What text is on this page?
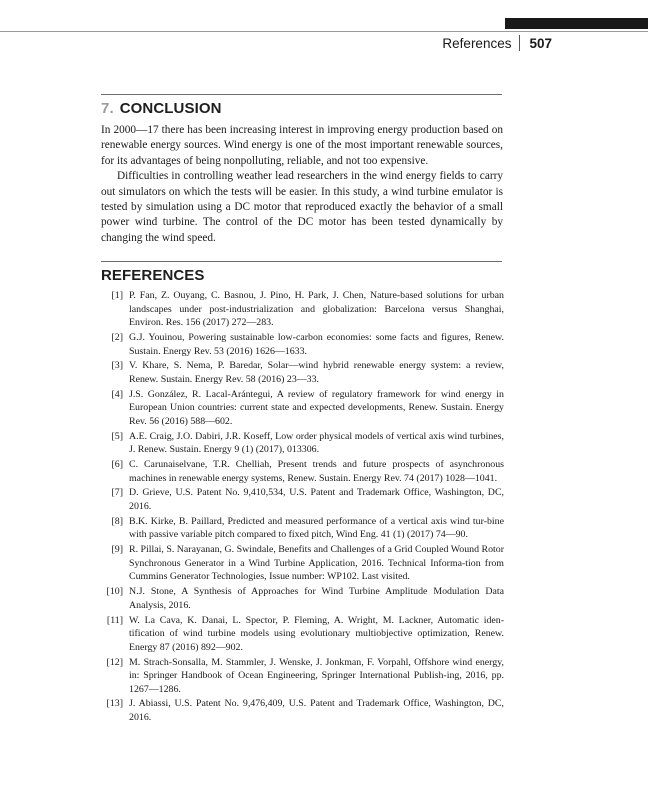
References 507
7. CONCLUSION

In 2000—17 there has been increasing interest in improving energy production based on renewable energy sources. Wind energy is one of the most important renewable sources, for its advantages of being nonpolluting, reliable, and not too expensive.

Difficulties in controlling weather lead researchers in the wind energy fields to carry out simulators on which the tests will be easier. In this study, a wind turbine emulator is tested by simulation using a DC motor that reproduced exactly the behavior of a small power wind turbine. The control of the DC motor has been tested dynamically by changing the wind speed.

REFERENCES
[1] P. Fan, Z. Ouyang, C. Basnou, J. Pino, H. Park, J. Chen, Nature-based solutions for urban landscapes under post-industrialization and globalization: Barcelona versus Shanghai, Environ. Res. 156 (2017) 272—283.
[2] G.J. Youinou, Powering sustainable low-carbon economies: some facts and figures, Renew. Sustain. Energy Rev. 53 (2016) 1626—1633.
[3] V. Khare, S. Nema, P. Baredar, Solar—wind hybrid renewable energy system: a review, Renew. Sustain. Energy Rev. 58 (2016) 23—33.
[4] J.S. González, R. Lacal-Arántegui, A review of regulatory framework for wind energy in European Union countries: current state and expected developments, Renew. Sustain. Energy Rev. 56 (2016) 588—602.
[5] A.E. Craig, J.O. Dabiri, J.R. Koseff, Low order physical models of vertical axis wind turbines, J. Renew. Sustain. Energy 9 (1) (2017), 013306.
[6] C. Carunaiselvane, T.R. Chelliah, Present trends and future prospects of asynchronous machines in renewable energy systems, Renew. Sustain. Energy Rev. 74 (2017) 1028—1041.
[7] D. Grieve, U.S. Patent No. 9,410,534, U.S. Patent and Trademark Office, Washington, DC, 2016.
[8] B.K. Kirke, B. Paillard, Predicted and measured performance of a vertical axis wind tur-bine with passive variable pitch compared to fixed pitch, Wind Eng. 41 (1) (2017) 74—90.
[9] R. Pillai, S. Narayanan, G. Swindale, Benefits and Challenges of a Grid Coupled Wound Rotor Synchronous Generator in a Wind Turbine Application, 2016. Technical Informa-tion from Cummins Generator Technologies, Issue number: WP102. Last visited.
[10] N.J. Stone, A Synthesis of Approaches for Wind Turbine Amplitude Modulation Data Analysis, 2016.
[11] W. La Cava, K. Danai, L. Spector, P. Fleming, A. Wright, M. Lackner, Automatic iden-tification of wind turbine models using evolutionary multiobjective optimization, Renew. Energy 87 (2016) 892—902.
[12] M. Strach-Sonsalla, M. Stammler, J. Wenske, J. Jonkman, F. Vorpahl, Offshore wind energy, in: Springer Handbook of Ocean Engineering, Springer International Publish-ing, 2016, pp. 1267—1286.
[13] J. Abiassi, U.S. Patent No. 9,476,409, U.S. Patent and Trademark Office, Washington, DC, 2016.
